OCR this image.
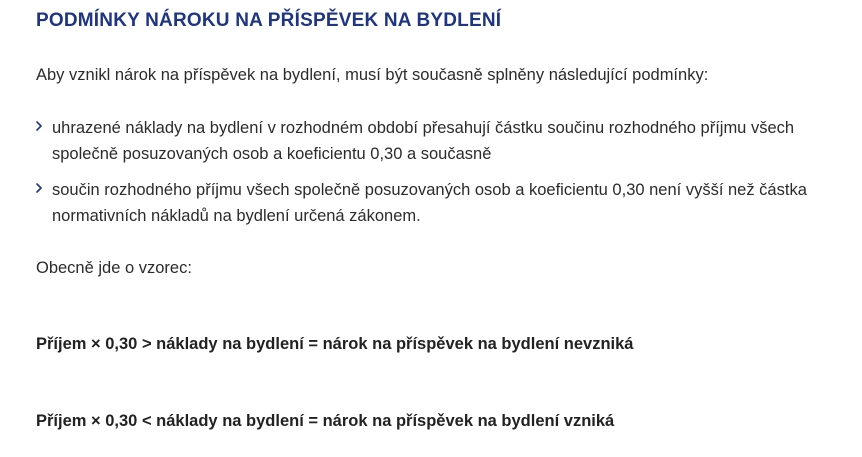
PODMÍNKY NÁROKU NA PŘÍSPĚVEK NA BYDLENÍ

Aby vznikl nárok na příspěvek na bydlení, musí být současně splněny následující podmínky:

uhrazené náklady na bydlení v rozhodném období přesahují částku součinu rozhodného příjmu všech společně posuzovaných osob a koeficientu 0,30 a současně
součin rozhodného příjmu všech společně posuzovaných osob a koeficientu 0,30 není vyšší než částka normativních nákladů na bydlení určená zákonem.

Obecně jde o vzorec:

Příjem × 0,30 > náklady na bydlení = nárok na příspěvek na bydlení nevzniká

Příjem × 0,30 < náklady na bydlení = nárok na příspěvek na bydlení vzniká
